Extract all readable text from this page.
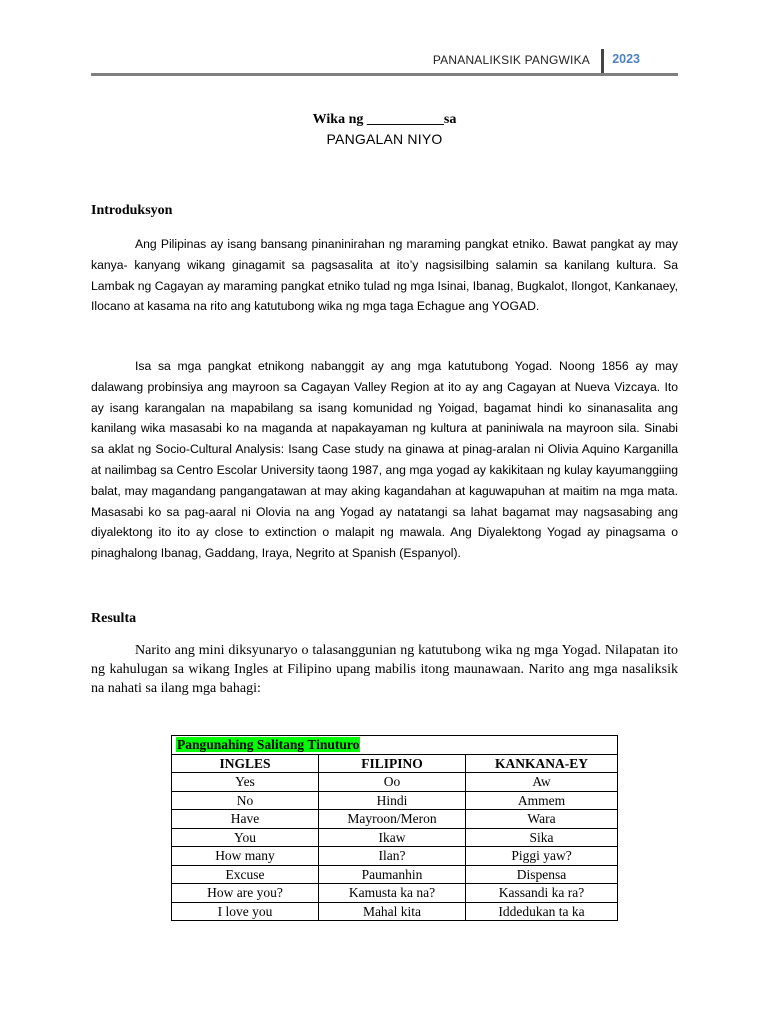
PANANALIKSIK PANGWIKA 2023
Wika ng ___________sa
PANGALAN NIYO
Introduksyon

Ang Pilipinas ay isang bansang pinaninirahan ng maraming pangkat etniko. Bawat pangkat ay may kanya- kanyang wikang ginagamit sa pagsasalita at ito’y nagsisilbing salamin sa kanilang kultura. Sa Lambak ng Cagayan ay maraming pangkat etniko tulad ng mga Isinai, Ibanag, Bugkalot, Ilongot, Kankanaey, Ilocano at kasama na rito ang katutubong wika ng mga taga Echague ang YOGAD.

Isa sa mga pangkat etnikong nabanggit ay ang mga katutubong Yogad. Noong 1856 ay may dalawang probinsiya ang mayroon sa Cagayan Valley Region at ito ay ang Cagayan at Nueva Vizcaya. Ito ay isang karangalan na mapabilang sa isang komunidad ng Yoigad, bagamat hindi ko sinanasalita ang kanilang wika masasabi ko na maganda at napakayaman ng kultura at paniniwala na mayroon sila. Sinabi sa aklat ng Socio-Cultural Analysis: Isang Case study na ginawa at pinag-aralan ni Olivia Aquino Karganilla at nailimbag sa Centro Escolar University taong 1987, ang mga yogad ay kakikitaan ng kulay kayumanggiing balat, may magandang pangangatawan at may aking kagandahan at kaguwapuhan at maitim na mga mata. Masasabi ko sa pag-aaral ni Olovia na ang Yogad ay natatangi sa lahat bagamat may nagsasabing ang diyalektong ito ito ay close to extinction o malapit ng mawala. Ang Diyalektong Yogad ay pinagsama o pinaghalong Ibanag, Gaddang, Iraya, Negrito at Spanish (Espanyol).

Resulta

Narito ang mini diksyunaryo o talasanggunian ng katutubong wika ng mga Yogad. Nilapatan ito ng kahulugan sa wikang Ingles at Filipino upang mabilis itong maunawaan. Narito ang mga nasaliksik na nahati sa ilang mga bahagi:

Pangunahing Salitang Tinuturo		
INGLES	FILIPINO	KANKANA-EY
Yes	Oo	Aw
No	Hindi	Ammem
Have	Mayroon/Meron	Wara
You	Ikaw	Sika
How many	Ilan?	Piggi yaw?
Excuse	Paumanhin	Dispensa
How are you?	Kamusta ka na?	Kassandi ka ra?
I love you	Mahal kita	Iddedukan ta ka
